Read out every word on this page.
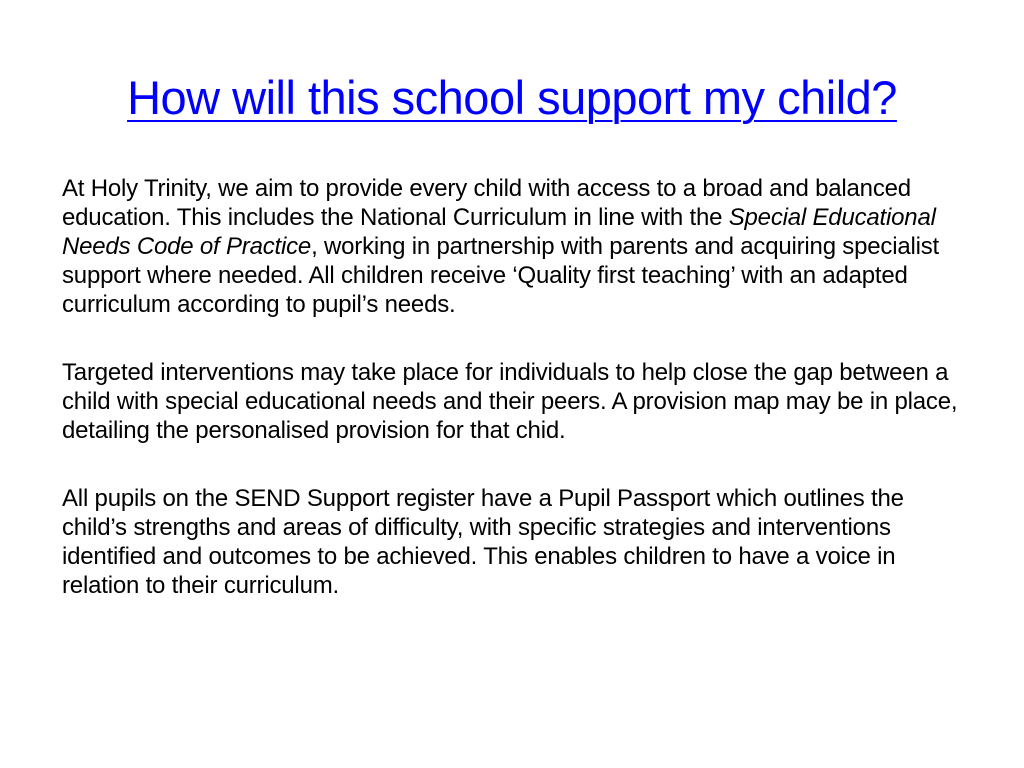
How will this school support my child?

At Holy Trinity, we aim to provide every child with access to a broad and balanced education. This includes the National Curriculum in line with the Special Educational Needs Code of Practice, working in partnership with parents and acquiring specialist support where needed. All children receive ‘Quality first teaching’ with an adapted curriculum according to pupil’s needs.

Targeted interventions may take place for individuals to help close the gap between a child with special educational needs and their peers. A provision map may be in place, detailing the personalised provision for that chid.

All pupils on the SEND Support register have a Pupil Passport which outlines the child’s strengths and areas of difficulty, with specific strategies and interventions identified and outcomes to be achieved. This enables children to have a voice in relation to their curriculum.
